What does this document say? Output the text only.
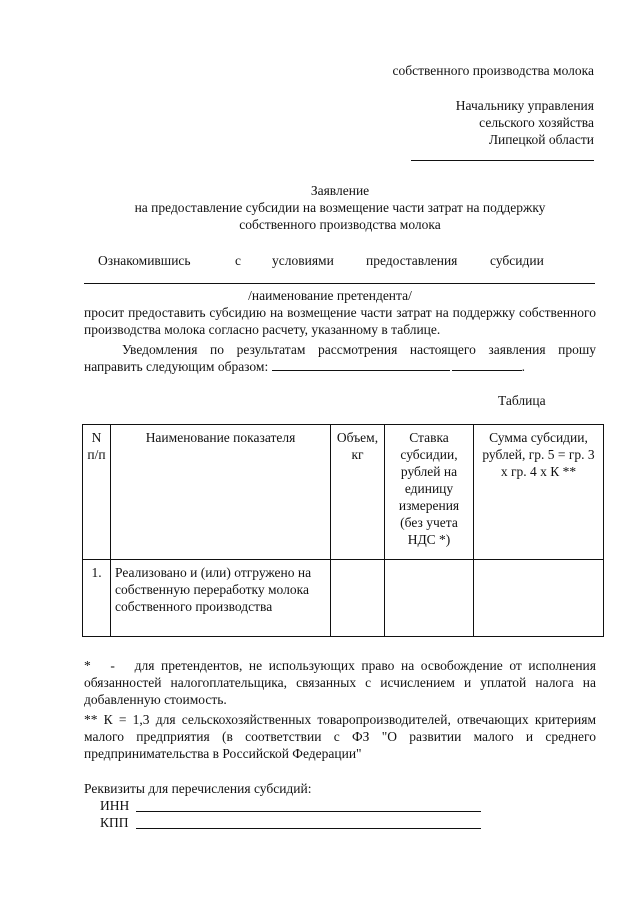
собственного производства молока
Начальнику управления
сельского хозяйства
Липецкой области
Заявление
на предоставление субсидии на возмещение части затрат на поддержку
собственного производства молока
Ознакомившись	с условиями предоставления субсидии
/наименование претендента/
просит предоставить субсидию на возмещение части затрат на поддержку собственного производства молока согласно расчету, указанному в таблице.
Уведомления по результатам рассмотрения настоящего заявления прошу направить следующим образом:	.
Таблица
N п/п	Наименование показателя	Объем, кг	Ставка субсидии, рублей на единицу измерения (без учета НДС *)	Сумма субсидии, рублей, гр. 5 = гр. 3 x гр. 4 x К **
1.	Реализовано и (или) отгружено на собственную переработку молока собственного производства			
*   -   для претендентов, не использующих право на освобождение от исполнения обязанностей налогоплательщика, связанных с исчислением и уплатой налога на добавленную стоимость.
** К = 1,3 для сельскохозяйственных товаропроизводителей, отвечающих критериям малого предприятия (в соответствии с ФЗ "О развитии малого и среднего предпринимательства в Российской Федерации"
Реквизиты для перечисления субсидий:
ИНН
КПП
